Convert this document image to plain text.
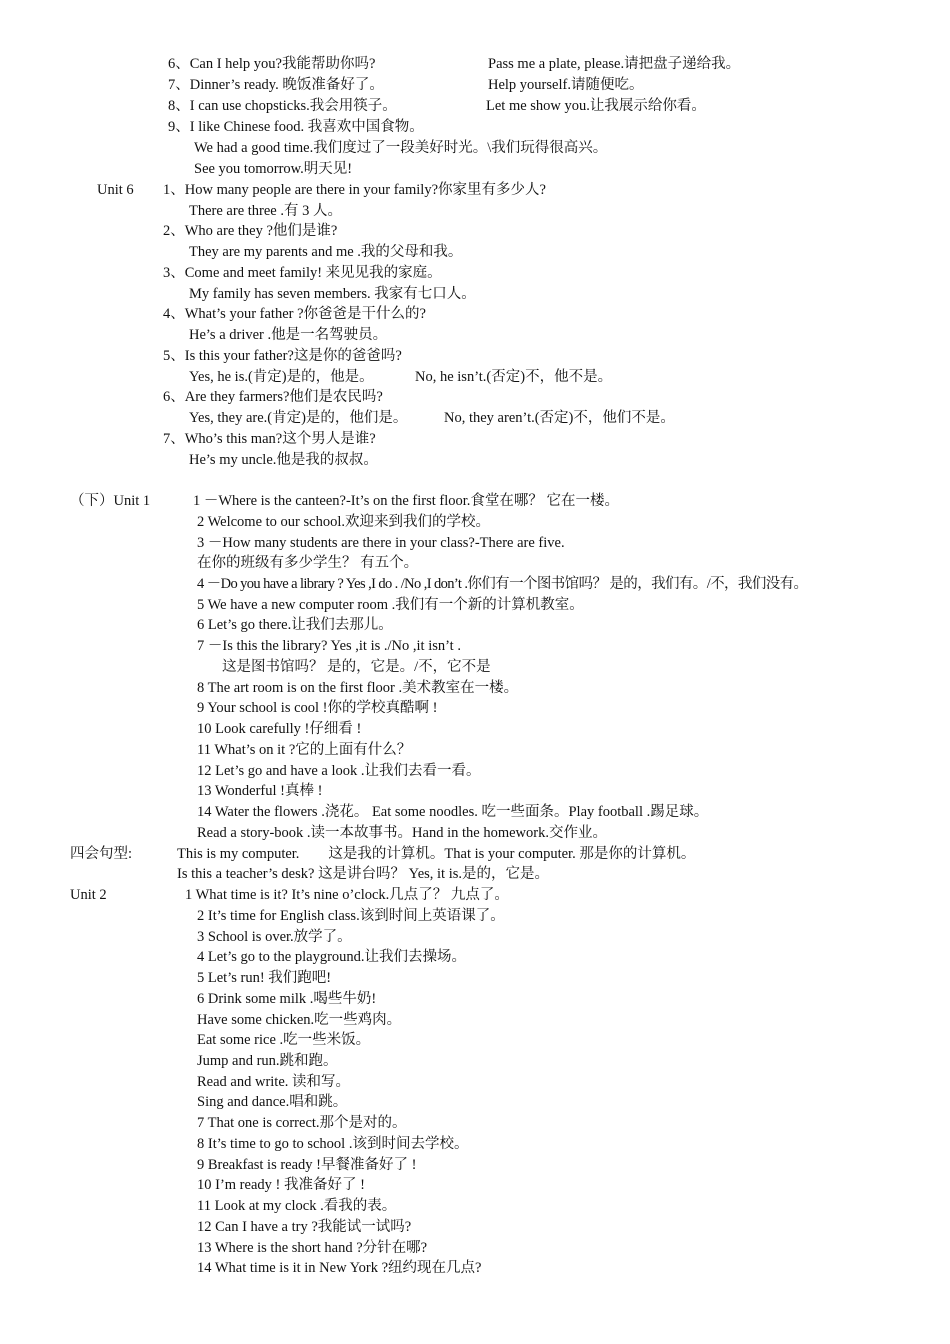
6、Can I help you?我能帮助你吗?	Pass me a plate, please.请把盘子递给我。
7、Dinner’s ready. 晚饭准备好了。	Help yourself.请随便吃。
8、I can use chopsticks.我会用筷子。	Let me show you.让我展示给你看。
9、I like Chinese food. 我喜欢中国食物。
We had a good time.我们度过了一段美好时光。\我们玩得很高兴。
See you tomorrow.明天见!
Unit 6 1、How many people are there in your family?你家里有多少人?
There are three .有 3 人。
2、Who are they ?他们是谁?
They are my parents and me .我的父母和我。
3、Come and meet family! 来见见我的家庭。
My family has seven members. 我家有七口人。
4、What’s your father ?你爸爸是干什么的?
He’s a driver .他是一名驾驶员。
5、Is this your father?这是你的爸爸吗?
Yes, he is.(肯定)是的，他是。	No, he isn’t.(否定)不，他不是。
6、Are they farmers?他们是农民吗?
Yes, they are.(肯定)是的，他们是。	No, they aren’t.(否定)不，他们不是。
7、Who’s this man?这个男人是谁?
He’s my uncle.他是我的叔叔。
（下）Unit 1	1 －Where is the canteen?-It’s on the first floor.食堂在哪？ 它在一楼。
2 Welcome to our school.欢迎来到我们的学校。
3 －How many students are there in your class?-There are five.
在你的班级有多少学生？ 有五个。
4 －Do you have a library ? Yes ,I do . /No ,I don’t .你们有一个图书馆吗？ 是的，我们有。/不，我们没有。
5 We have a new computer room .我们有一个新的计算机教室。
6 Let’s go there.让我们去那儿。
7 －Is this the library? Yes ,it is ./No ,it isn’t .
这是图书馆吗？ 是的，它是。/不，它不是
8 The art room is on the first floor .美术教室在一楼。
9 Your school is cool !你的学校真酷啊 !
10 Look carefully !仔细看 !
11 What’s on it ?它的上面有什么？
12 Let’s go and have a look .让我们去看一看。
13 Wonderful !真棒 !
14 Water the flowers .浇花。 Eat some noodles. 吃一些面条。Play football .踢足球。
Read a story-book .读一本故事书。Hand in the homework.交作业。
四会句型:	This is my computer.　　这是我的计算机。That is your computer. 那是你的计算机。
Is this a teacher’s desk? 这是讲台吗？ Yes, it is.是的，它是。
Unit 2	1 What time is it? It’s nine o’clock.几点了？ 九点了。
2 It’s time for English class.该到时间上英语课了。
3 School is over.放学了。
4 Let’s go to the playground.让我们去操场。
5 Let’s run! 我们跑吧!
6 Drink some milk .喝些牛奶!
Have some chicken.吃一些鸡肉。
Eat some rice .吃一些米饭。
Jump and run.跳和跑。
Read and write. 读和写。
Sing and dance.唱和跳。
7 That one is correct.那个是对的。
8 It’s time to go to school .该到时间去学校。
9 Breakfast is ready !早餐准备好了 !
10 I’m ready ! 我准备好了 !
11 Look at my clock .看我的表。
12 Can I have a try ?我能试一试吗?
13 Where is the short hand ?分针在哪?
14 What time is it in New York ?纽约现在几点?
